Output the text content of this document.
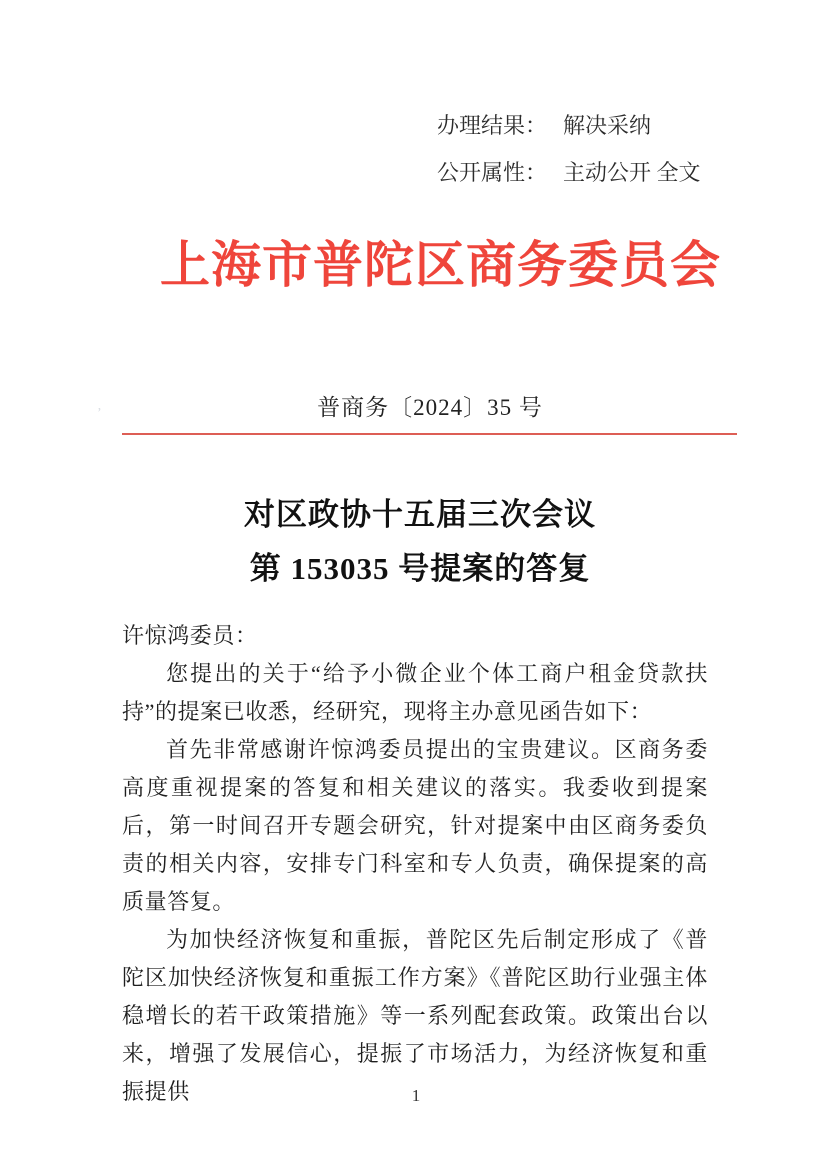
办理结果： 解决采纳
公开属性： 主动公开 全文
上海市普陀区商务委员会
’	普商务〔2024〕35 号
对区政协十五届三次会议
第 153035 号提案的答复

许惊鸿委员：

您提出的关于“给予小微企业个体工商户租金贷款扶持”的提案已收悉，经研究，现将主办意见函告如下：

首先非常感谢许惊鸿委员提出的宝贵建议。区商务委高度重视提案的答复和相关建议的落实。我委收到提案后，第一时间召开专题会研究，针对提案中由区商务委负责的相关内容，安排专门科室和专人负责，确保提案的高质量答复。

为加快经济恢复和重振，普陀区先后制定形成了《普陀区加快经济恢复和重振工作方案》《普陀区助行业强主体稳增长的若干政策措施》等一系列配套政策。政策出台以来，增强了发展信心，提振了市场活力，为经济恢复和重振提供	1
